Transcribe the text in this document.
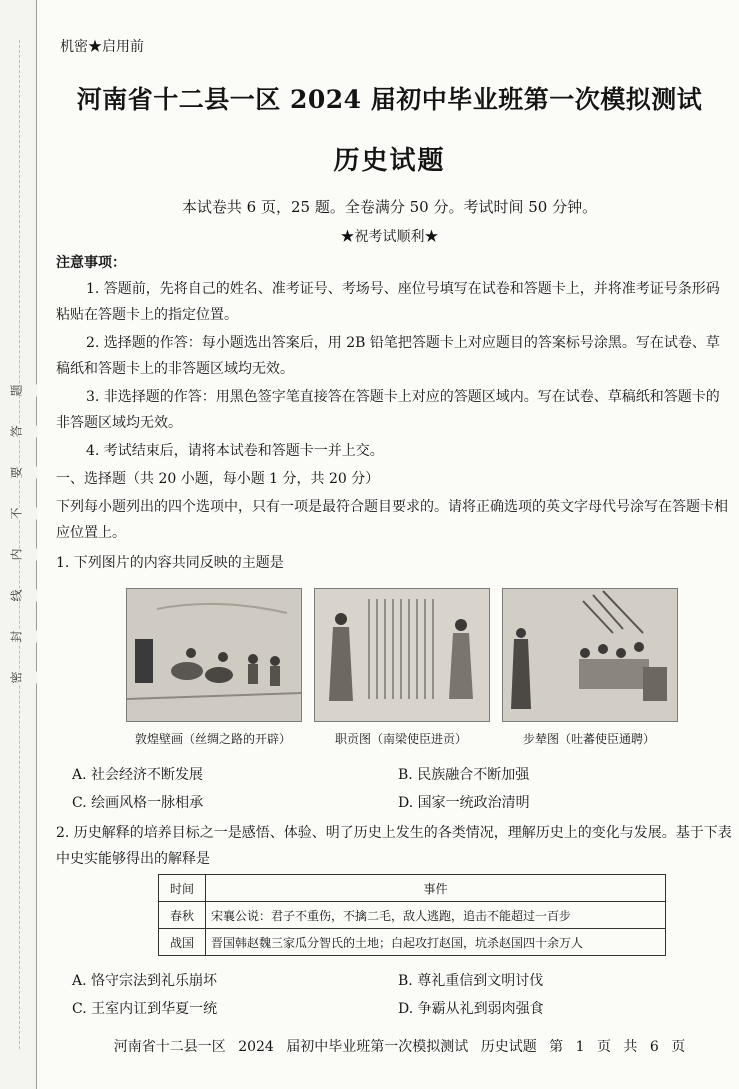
密
封
线
内
不
要
答
题
机密★启用前
河南省十二县一区 2024 届初中毕业班第一次模拟测试
历史试题
本试卷共 6 页，25 题。全卷满分 50 分。考试时间 50 分钟。
★祝考试顺利★
注意事项：
1. 答题前，先将自己的姓名、准考证号、考场号、座位号填写在试卷和答题卡上，并将准考证号条形码粘贴在答题卡上的指定位置。
2. 选择题的作答：每小题选出答案后，用 2B 铅笔把答题卡上对应题目的答案标号涂黑。写在试卷、草稿纸和答题卡上的非答题区域均无效。
3. 非选择题的作答：用黑色签字笔直接答在答题卡上对应的答题区域内。写在试卷、草稿纸和答题卡的非答题区域均无效。
4. 考试结束后，请将本试卷和答题卡一并上交。
一、选择题（共 20 小题，每小题 1 分，共 20 分）
下列每小题列出的四个选项中，只有一项是最符合题目要求的。请将正确选项的英文字母代号涂写在答题卡相应位置上。
1. 下列图片的内容共同反映的主题是
敦煌壁画（丝绸之路的开辟）	职贡图（南梁使臣进贡）	步辇图（吐蕃使臣通聘）
A. 社会经济不断发展	B. 民族融合不断加强
C. 绘画风格一脉相承	D. 国家一统政治清明
2. 历史解释的培养目标之一是感悟、体验、明了历史上发生的各类情况，理解历史上的变化与发展。基于下表中史实能够得出的解释是
时间	事件
春秋	宋襄公说：君子不重伤，不擒二毛，敌人逃跑，追击不能超过一百步
战国	晋国韩赵魏三家瓜分智氏的土地；白起攻打赵国，坑杀赵国四十余万人
A. 恪守宗法到礼乐崩坏	B. 尊礼重信到文明讨伐
C. 王室内讧到华夏一统	D. 争霸从礼到弱肉强食
河南省十二县一区 2024 届初中毕业班第一次模拟测试 历史试题 第 1 页 共 6 页
